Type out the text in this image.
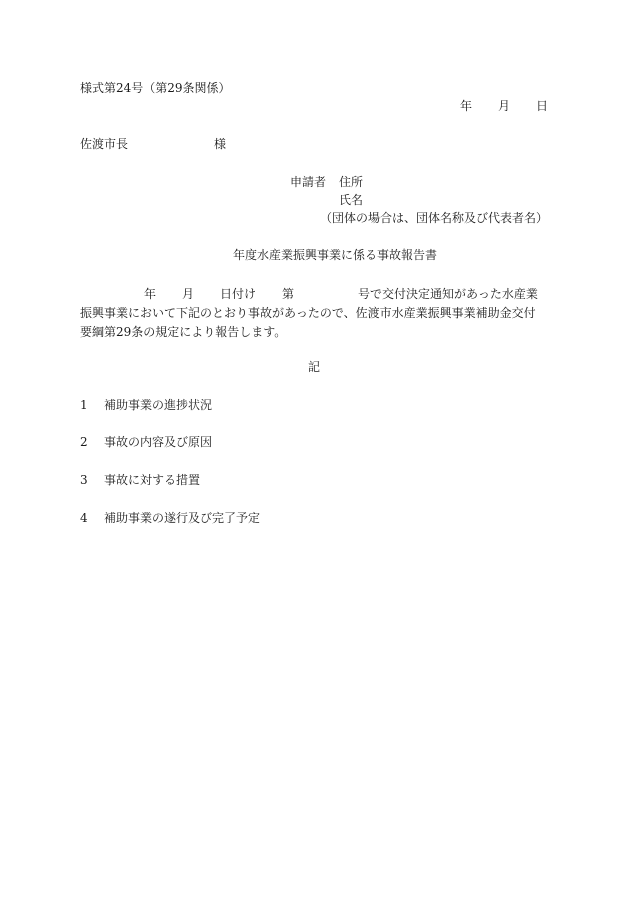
様式第24号（第29条関係）
年 月 日
佐渡市長	様
申請者 住所
氏名
（団体の場合は、団体名称及び代表者名）
年度水産業振興事業に係る事故報告書
年 月 日付け 第	号で交付決定通知があった水産業
振興事業において下記のとおり事故があったので、佐渡市水産業振興事業補助金交付
要綱第29条の規定により報告します。
記
1 補助事業の進捗状況
2 事故の内容及び原因
3 事故に対する措置
4 補助事業の遂行及び完了予定
